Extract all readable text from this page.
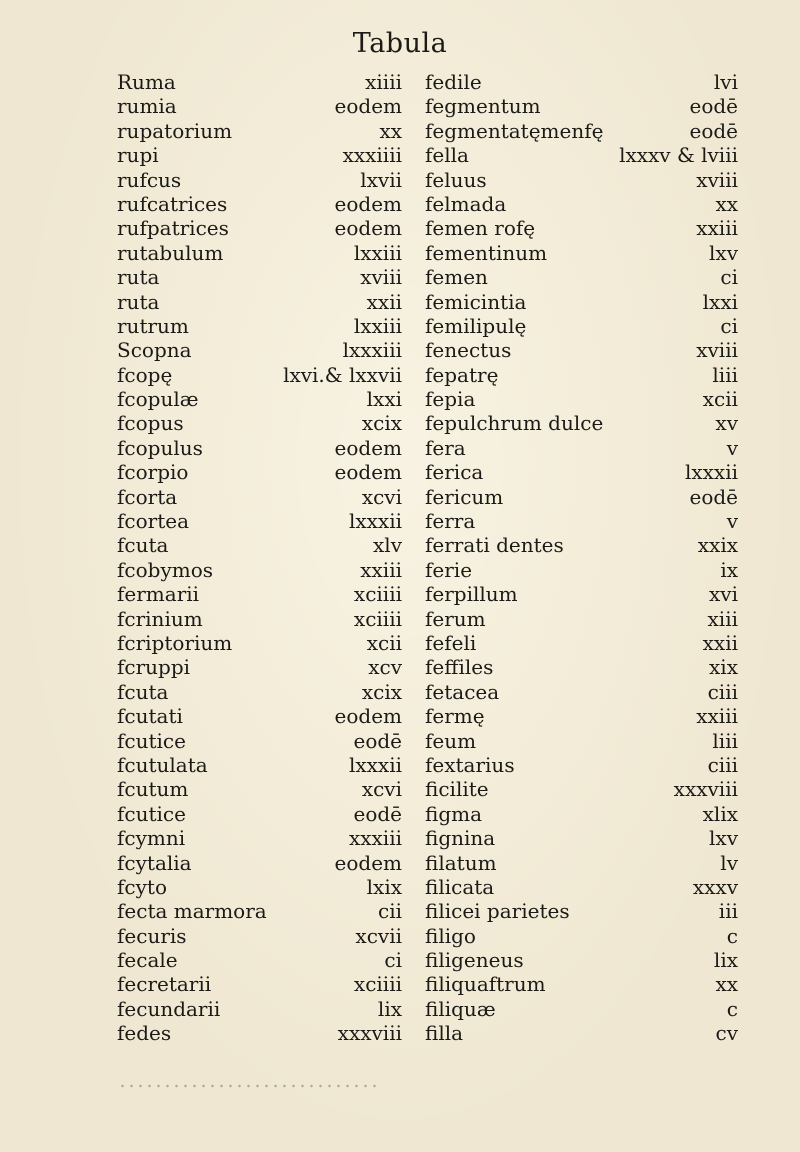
Tabula
Ruma
rumia
rupatorium
rupi
rufcus
rufcatrices
rufpatrices
rutabulum
ruta
ruta
rutrum
Scopna
fcopę
fcopulæ
fcopus
fcopulus
fcorpio
fcorta
fcortea
fcuta
fcobymos
fermarii
fcrinium
fcriptorium
fcruppi
fcuta
fcutati
fcutice
fcutulata
fcutum
fcutice
fcymni
fcytalia
fcyto
fecta marmora
fecuris
fecale
fecretarii
fecundarii
fedes
xiiii
eodem
xx
xxxiiii
lxvii
eodem
eodem
lxxiii
xviii
xxii
lxxiii
lxxxiii
lxvi.& lxxvii
lxxi
xcix
eodem
eodem
xcvi
lxxxii
xlv
xxiii
xciiii
xciiii
xcii
xcv
xcix
eodem
eodē
lxxxii
xcvi
eodē
xxxiii
eodem
lxix
cii
xcvii
ci
xciiii
lix
xxxviii
fedile
fegmentum
fegmentatęmenfę
fella
feluus
felmada
femen rofę
fementinum
femen
femicintia
femilipulę
fenectus
fepatrę
fepia
fepulchrum dulce
fera
ferica
fericum
ferra
ferrati dentes
ferie
ferpillum
ferum
fefeli
feffiles
fetacea
fermę
feum
fextarius
ficilite
figma
fignina
filatum
filicata
filicei parietes
filigo
filigeneus
filiquaftrum
filiquæ
filla
lvi
eodē
eodē
lxxxv & lviii
xviii
xx
xxiii
lxv
ci
lxxi
ci
xviii
liii
xcii
xv
v
lxxxii
eodē
v
xxix
ix
xvi
xiii
xxii
xix
ciii
xxiii
liii
ciii
xxxviii
xlix
lxv
lv
xxxv
iii
c
lix
xx
c
cv
